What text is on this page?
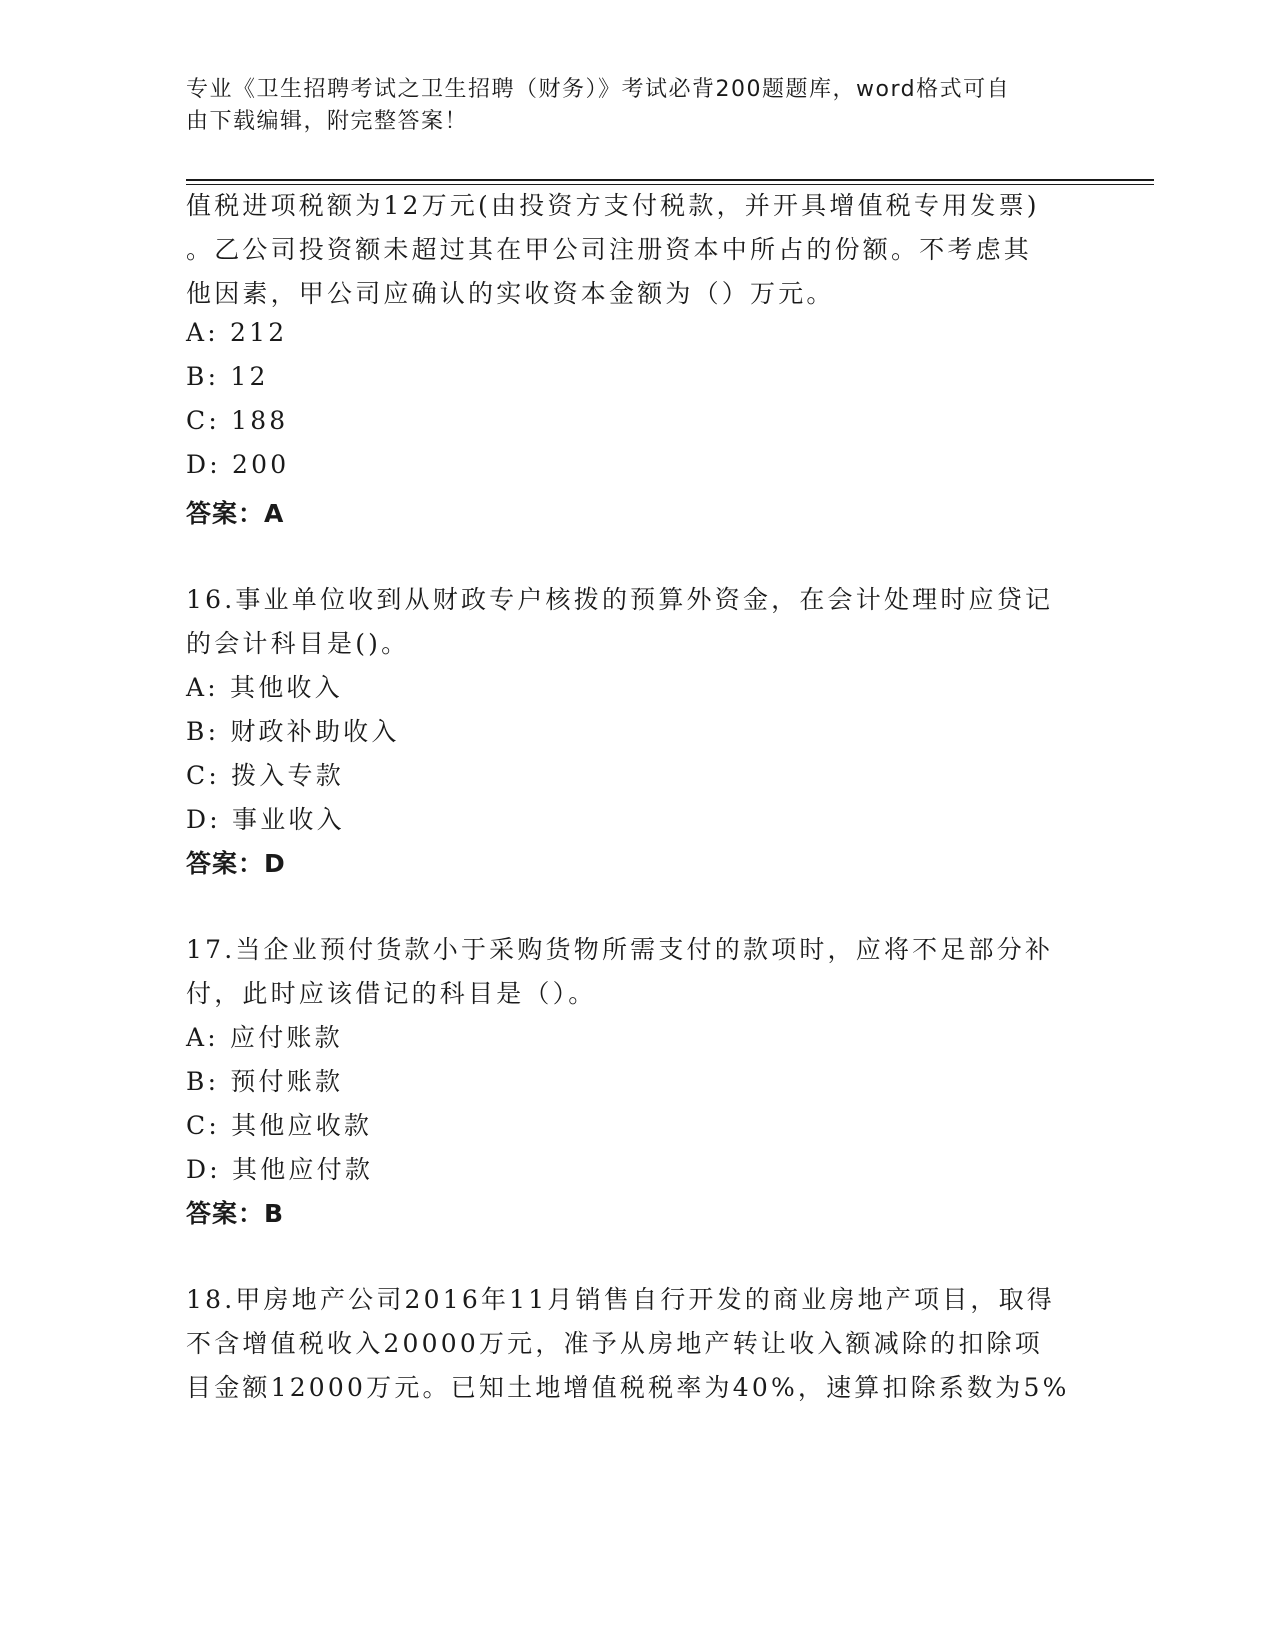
专业《卫生招聘考试之卫生招聘（财务）》考试必背200题题库，word格式可自
由下载编辑，附完整答案！
值税进项税额为12万元(由投资方支付税款，并开具增值税专用发票)
。乙公司投资额未超过其在甲公司注册资本中所占的份额。不考虑其
他因素，甲公司应确认的实收资本金额为（）万元。
A: 212
B: 12
C: 188
D: 200
答案：A
16.事业单位收到从财政专户核拨的预算外资金，在会计处理时应贷记
的会计科目是()。
A: 其他收入
B: 财政补助收入
C: 拨入专款
D: 事业收入
答案：D
17.当企业预付货款小于采购货物所需支付的款项时，应将不足部分补
付，此时应该借记的科目是（）。
A: 应付账款
B: 预付账款
C: 其他应收款
D: 其他应付款
答案：B
18.甲房地产公司2016年11月销售自行开发的商业房地产项目，取得
不含增值税收入20000万元，准予从房地产转让收入额减除的扣除项
目金额12000万元。已知土地增值税税率为40%，速算扣除系数为5%
